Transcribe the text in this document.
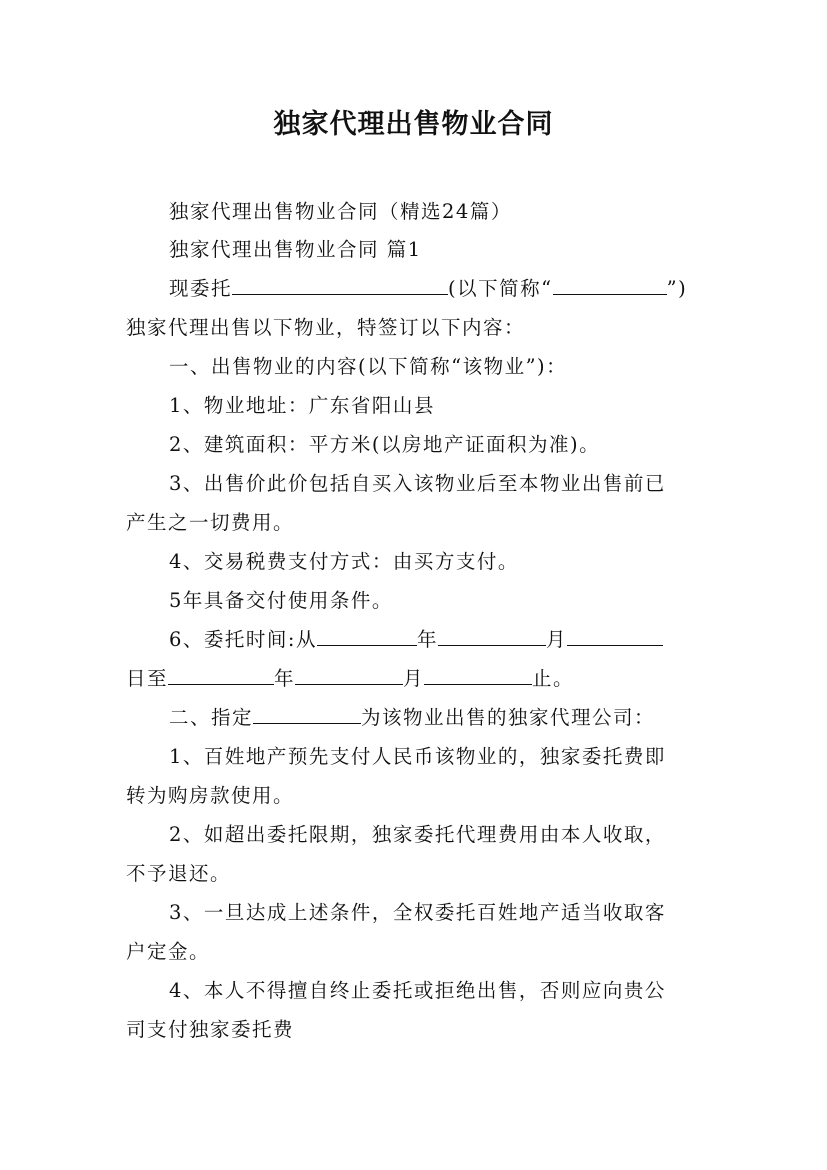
独家代理出售物业合同
独家代理出售物业合同（精选24篇）
独家代理出售物业合同 篇1
现委托	(以下简称“	”)
独家代理出售以下物业，特签订以下内容：
一、出售物业的内容(以下简称“该物业”)：
1、物业地址：广东省阳山县
2、建筑面积：平方米(以房地产证面积为准)。
3、出售价此价包括自买入该物业后至本物业出售前已
产生之一切费用。
4、交易税费支付方式：由买方支付。
5年具备交付使用条件。
6、委托时间:从	年	月
日至	年	月	止。
二、指定	为该物业出售的独家代理公司：
1、百姓地产预先支付人民币该物业的，独家委托费即
转为购房款使用。
2、如超出委托限期，独家委托代理费用由本人收取，
不予退还。
3、一旦达成上述条件，全权委托百姓地产适当收取客
户定金。
4、本人不得擅自终止委托或拒绝出售，否则应向贵公
司支付独家委托费
